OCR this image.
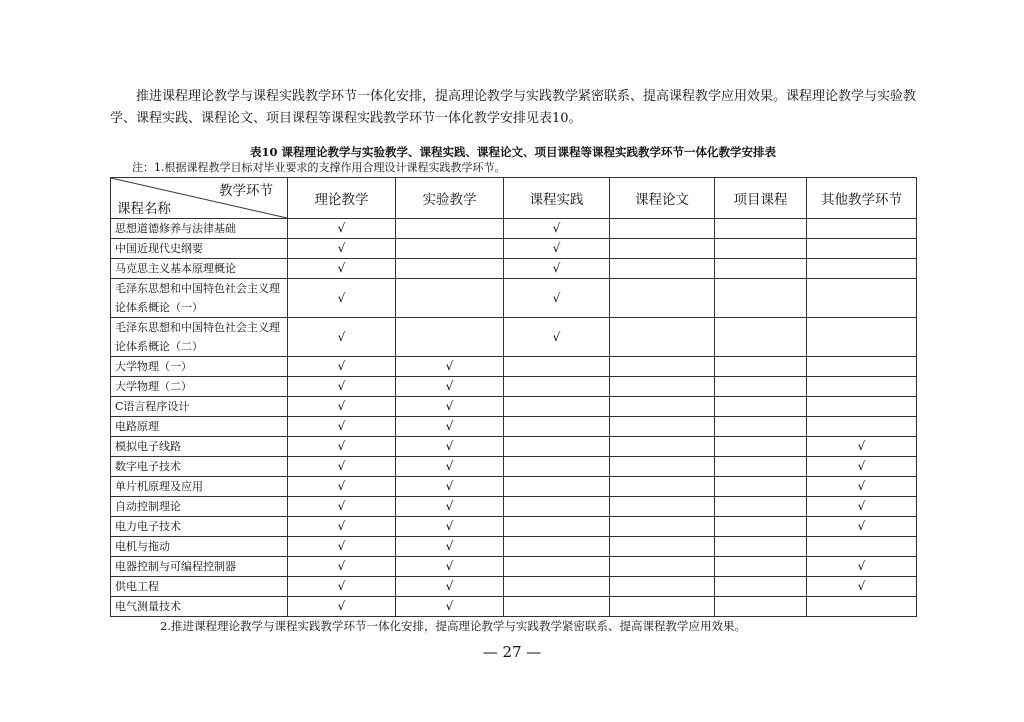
推进课程理论教学与课程实践教学环节一体化安排，提高理论教学与实践教学紧密联系、提高课程教学应用效果。课程理论教学与实验教学、课程实践、课程论文、项目课程等课程实践教学环节一体化教学安排见表10。

表10 课程理论教学与实验教学、课程实践、课程论文、项目课程等课程实践教学环节一体化教学安排表
注：1.根据课程教学目标对毕业要求的支撑作用合理设计课程实践教学环节。
教学环节
课程名称	理论教学	实验教学	课程实践	课程论文	项目课程	其他教学环节
思想道德修养与法律基础	√		√			
中国近现代史纲要	√		√			
马克思主义基本原理概论	√		√			
毛泽东思想和中国特色社会主义理论体系概论（一）	√		√			
毛泽东思想和中国特色社会主义理论体系概论（二）	√		√			
大学物理（一）	√	√				
大学物理（二）	√	√				
C语言程序设计	√	√				
电路原理	√	√				
模拟电子线路	√	√				√
数字电子技术	√	√				√
单片机原理及应用	√	√				√
自动控制理论	√	√				√
电力电子技术	√	√				√
电机与拖动	√	√				
电器控制与可编程控制器	√	√				√
供电工程	√	√				√
电气测量技术	√	√				
2.推进课程理论教学与课程实践教学环节一体化安排，提高理论教学与实践教学紧密联系、提高课程教学应用效果。
— 27 —
